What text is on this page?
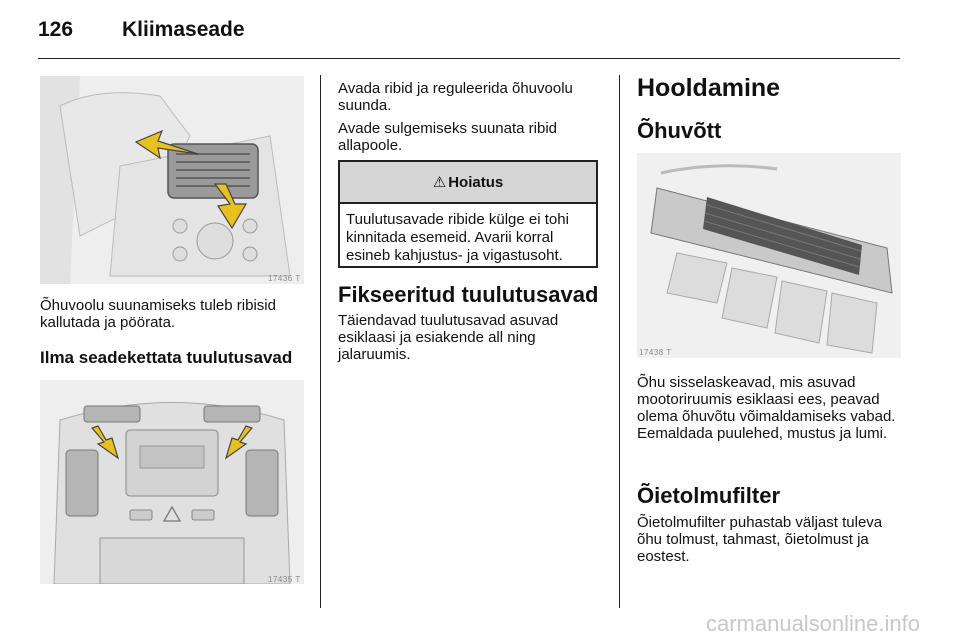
126 Kliimaseade
17436 T
Õhuvoolu suunamiseks tuleb ribisid kallutada ja pöörata.
Ilma seadekettata tuulutusavad
17435 T
Avada ribid ja reguleerida õhuvoolu suunda.
Avade sulgemiseks suunata ribid allapoole.
⚠ Hoiatus
Tuulutusavade ribide külge ei tohi kinnitada esemeid. Avarii korral esineb kahjustus- ja vigastusoht.
Fikseeritud tuulutusavad
Täiendavad tuulutusavad asuvad esiklaasi ja esiakende all ning jalaruumis.
Hooldamine
Õhuvõtt
17438 T
Õhu sisselaskeavad, mis asuvad mootoriruumis esiklaasi ees, peavad olema õhuvõtu võimaldamiseks vabad. Eemaldada puulehed, mustus ja lumi.
Õietolmufilter
Õietolmufilter puhastab väljast tuleva õhu tolmust, tahmast, õietolmust ja eostest.
carmanualsonline.info
